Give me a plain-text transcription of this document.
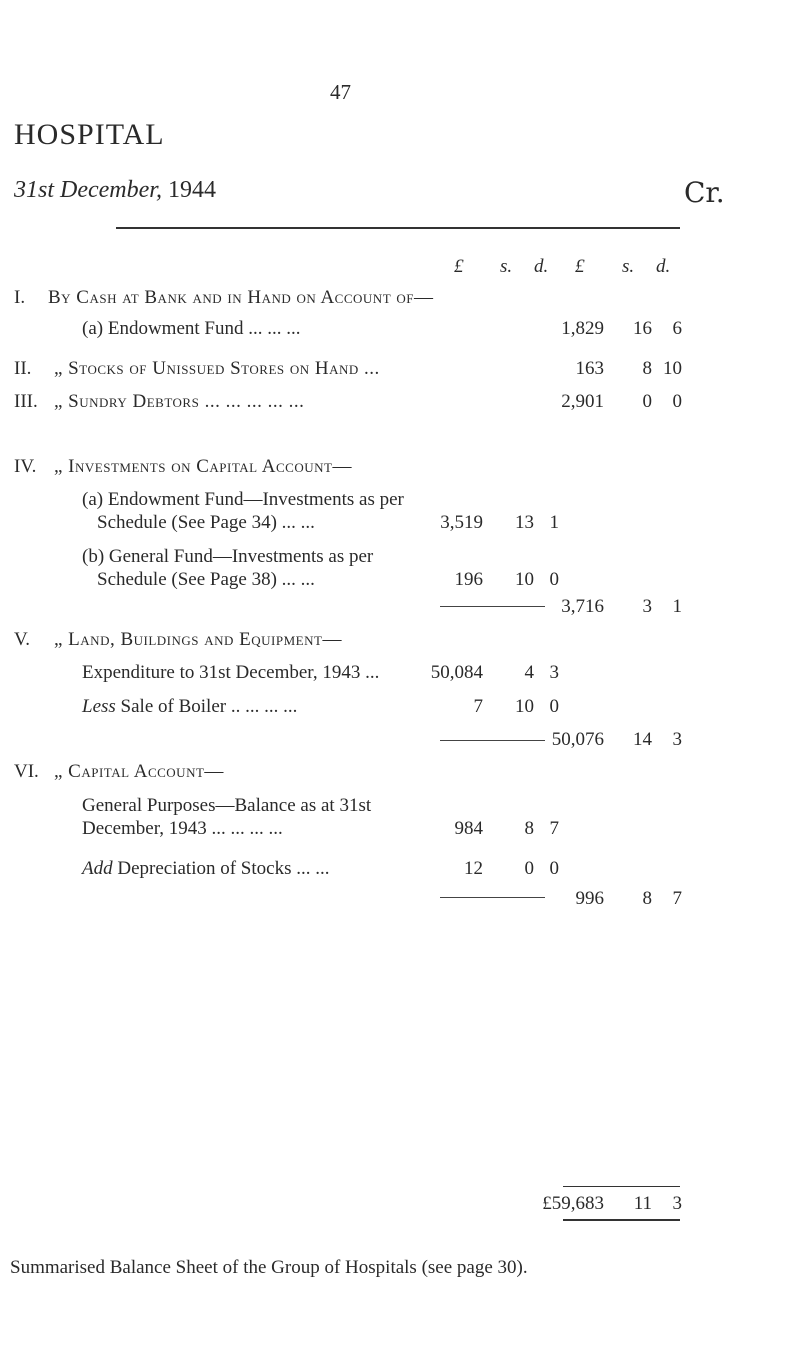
47
HOSPITAL
31st December, 1944	Cr.
£ s. d. £ s. d.
I. By Cash at Bank and in Hand on Account of—
(a) Endowment Fund ... ... ...	1,829 16 6
II. „ Stocks of Unissued Stores on Hand ...	163 8 10
III. „ Sundry Debtors ... ... ... ... ...	2,901 0 0
IV. „ Investments on Capital Account—
(a) Endowment Fund—Investments as per
Schedule (See Page 34) ... ...	3,519 13 1
(b) General Fund—Investments as per
Schedule (See Page 38) ... ...	196 10 0
3,716 3 1
V. „ Land, Buildings and Equipment—
Expenditure to 31st December, 1943 ...	50,084 4 3
Less Sale of Boiler .. ... ... ...	7 10 0
50,076 14 3
VI. „ Capital Account—
General Purposes—Balance as at 31st
December, 1943 ... ... ... ...	984 8 7
Add Depreciation of Stocks ... ...	12 0 0
996 8 7
£59,683 11 3
Summarised Balance Sheet of the Group of Hospitals (see page 30).
